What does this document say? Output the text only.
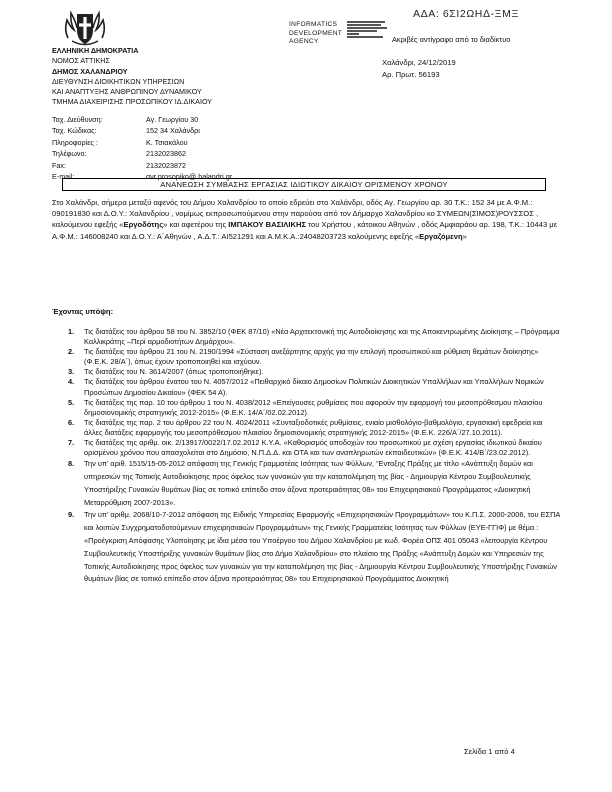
ΑΔΑ: 6ΣΙ2ΩΗΔ-ΞΜΞ
INFORMATICS
DEVELOPMENT
AGENCY	Ακριβές αντίγραφο από το διαδίκτυο
ΕΛΛΗΝΙΚΗ ΔΗΜΟΚΡΑΤΙΑ
ΝΟΜΟΣ ΑΤΤΙΚΗΣ
ΔΗΜΟΣ ΧΑΛΑΝΔΡΙΟΥ
ΔΙΕΥΘΥΝΣΗ ΔΙΟΙΚΗΤΙΚΩΝ ΥΠΗΡΕΣΙΩΝ
ΚΑΙ ΑΝΑΠΤΥΞΗΣ ΑΝΘΡΩΠΙΝΟΥ ΔΥΝΑΜΙΚΟΥ
ΤΜΗΜΑ ΔΙΑΧΕΙΡΙΣΗΣ ΠΡΟΣΩΠΙΚΟΥ ΙΔ.ΔΙΚΑΙΟΥ
Χαλάνδρι, 24/12/2019
Αρ. Πρωτ. 56193
Ταχ. Διεύθυνση:	Αγ. Γεωργίου 30
Ταχ. Κώδικας:	152 34 Χαλάνδρι
Πληροφορίες :	Κ. Τσιακάλου
Τηλέφωνο:	2132023862
Fax:	2132023872
E-mail:	ανr.prosopiko@ halandri.gr
ΑΝΑΝΕΩΣΗ ΣΥΜΒΑΣΗΣ ΕΡΓΑΣΙΑΣ ΙΔΙΩΤΙΚΟΥ ΔΙΚΑΙΟΥ ΟΡΙΣΜΕΝΟΥ ΧΡΟΝΟΥ
Στο Χαλάνδρι, σήμερα μεταξύ αφενός του Δήμου Χαλανδρίου το οποίο εδρεύει στο Χαλάνδρι, οδός Αγ. Γεωργίου αρ. 30 Τ.Κ.: 152 34 με Α.Φ.Μ.: 090191830 και Δ.Ο.Υ.: Χαλανδρίου , νομίμως εκπροσωπούμενου στην παρούσα από τον Δήμαρχο Χαλανδρίου κο ΣΥΜΕΩΝ(ΣΙΜΟΣ)ΡΟΥΣΣΟΣ , καλούμενου εφεξής «Εργοδότης» και αφετέρου της ΙΜΠΑΚΟΥ ΒΑΣΙΛΙΚΗΣ του Χρήστου , κάτοικου Αθηνών , οδός Αμφιαράου αρ. 198, Τ.Κ.: 10443 με Α.Φ.Μ.: 146008240 και Δ.Ο.Υ.: Α΄Αθηνών , Α.Δ.Τ.: ΑΙ521291 και Α.Μ.Κ.Α.:24048203723 καλούμενης εφεξής «Εργαζόμενη»
Έχοντας υπόψη:
1. Τις διατάξεις του άρθρου 58 του Ν. 3852/10 (ΦΕΚ 87/10) «Νέα Αρχιτεκτονική της Αυτοδιοίκησης και της Αποκεντρωμένης Διοίκησης – Πρόγραμμα Καλλικράτης –Περί αρμοδιοτήτων Δημάρχου».
2. Τις διατάξεις του άρθρου 21 του Ν. 2190/1994 «Σύσταση ανεξάρτητης αρχής για την επιλογή προσωπικού και ρύθμιση θεμάτων διοίκησης» (Φ.Ε.Κ. 28/Α΄), όπως έχουν τροποποιηθεί και ισχύουν.
3. Τις διατάξεις του Ν. 3614/2007 (όπως τροποποιήθηκε).
4. Τις διατάξεις του άρθρου ένατου του Ν. 4057/2012 «Πειθαρχικό δίκαιο Δημοσίων Πολιτικών Διοικητικών Υπαλλήλων και Υπαλλήλων Νομικών Προσώπων Δημοσίου Δικαίου» (ΦΕΚ 54 Α).
5. Τις διατάξεις της παρ. 10 του άρθρου 1 του Ν. 4038/2012 «Επείγουσες ρυθμίσεις που αφορούν την εφαρμογή του μεσοπρόθεσμου πλαισίου δημοσιονομικής στρατηγικής 2012-2015» (Φ.Ε.Κ. 14/Α΄/02.02.2012).
6. Τις διατάξεις της παρ. 2 του άρθρου 22 του Ν. 4024/2011 «Συνταξιοδοτικές ρυθμίσεις, ενιαίο μισθολόγιο-βαθμολόγιο, εργασιακή εφεδρεία και άλλες διατάξεις εφαρμογής του μεσοπρόθεσμου πλαισίου δημοσιονομικής στρατηγικής 2012-2015» (Φ.Ε.Κ. 226/Α΄/27.10.2011).
7. Τις διατάξεις της αριθμ. οικ. 2/13917/0022/17.02.2012 Κ.Υ.Α. «Καθορισμός αποδοχών του προσωπικού με σχέση εργασίας ιδιωτικού δικαίου ορισμένου χρόνου που απασχολείται στο Δημόσιο, Ν.Π.Δ.Δ. και ΟΤΑ και των αναπληρωτών εκπαιδευτικών» (Φ.Ε.Κ. 414/Β΄/23.02.2012).
8. Την υπ’ αριθ. 1515/15-05-2012 απόφαση της Γενικής Γραμματέας Ισότητας των Φύλλων, ‘Ένταξης Πράξης με τίτλο «Ανάπτυξη δομών και υπηρεσιών της Τοπικής Αυτοδιοίκησης προς όφελος των γυναικών για την καταπολέμηση της βίας - Δημιουργία Κέντρου Συμβουλευτικής Υποστήριξης Γυναικών θυμάτων βίας σε τοπικό επίπεδο στον άξονα προτεραιότητας 08» του Επιχειρησιακού Προγράμματος «Διοικητική Μεταρρύθμιση 2007-2013».
9. Την υπ’ αριθμ. 2068/10-7-2012 απόφαση της Ειδικής Υπηρεσίας Εφαρμογής «Επιχειρησιακών Προγραμμάτων» του Κ.Π.Σ. 2000-2006, του ΕΣΠΑ και λοιπών Συγχρηματοδοτούμενων επιχειρησιακών Προγραμμάτων» της Γενικής Γραμματείας Ισότητας των Φύλλων (ΕΥΕ-ΓΓΙΦ) με θέμα : «Προέγκριση Απόφασης Υλοποίησης με ίδια μέσα του Υποέργου του Δήμου Χαλανδρίου με κωδ. Φορέα ΟΠΣ 401 05043 «λειτουργία Κέντρου Συμβουλευτικής Υποστήριξης γυναικών θυμάτων βίας στο Δήμο Χαλανδρίου» στο πλαίσιο της Πράξης «Ανάπτυξη Δομών και Υπηρεσιών της Τοπικής Αυτοδιοίκησης προς όφελος των γυναικών για την καταπολέμηση της βίας - Δημιουργία Κέντρου Συμβουλευτικής Υποστήριξης Γυναικών θυμάτων βίας σε τοπικό επίπεδο στον άξονα προτεραιότητας 08» του Επιχειρησιακού Προγράμματος Διοικητική
Σελίδα 1 από 4
